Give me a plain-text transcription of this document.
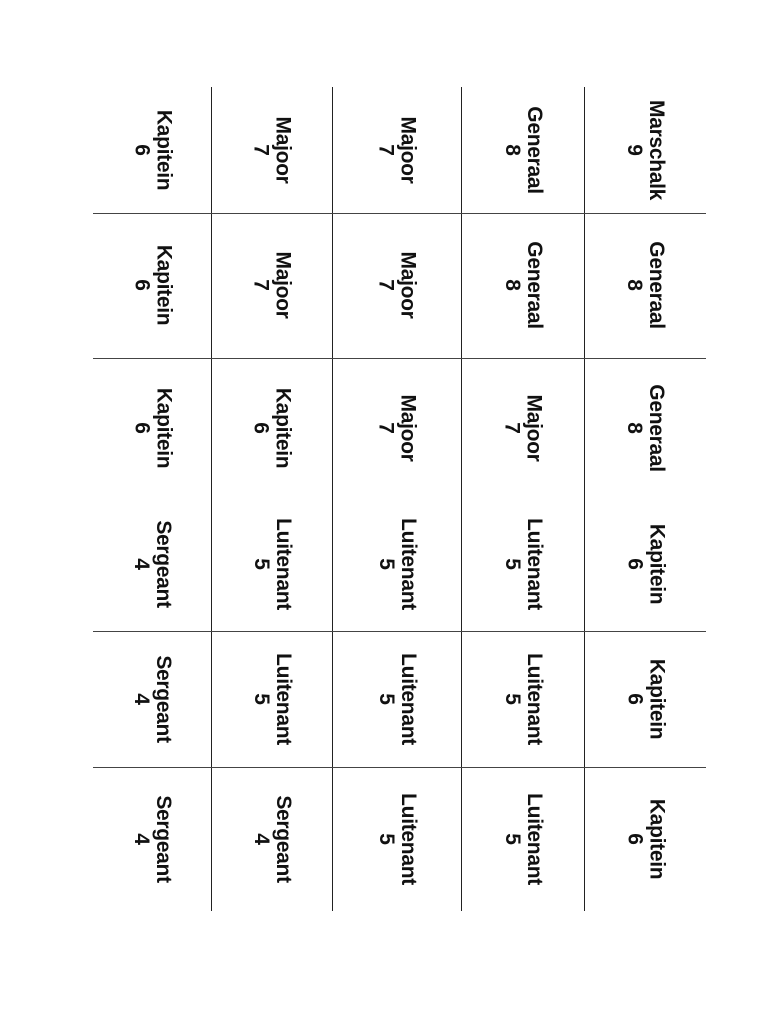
Marschalk
9
Generaal
8
Majoor
7
Majoor
7
Kapitein
6
Generaal
8
Generaal
8
Majoor
7
Majoor
7
Kapitein
6
Generaal
8
Majoor
7
Majoor
7
Kapitein
6
Kapitein
6
Kapitein
6
Luitenant
5
Luitenant
5
Luitenant
5
Sergeant
4
Kapitein
6
Luitenant
5
Luitenant
5
Luitenant
5
Sergeant
4
Kapitein
6
Luitenant
5
Luitenant
5
Sergeant
4
Sergeant
4
